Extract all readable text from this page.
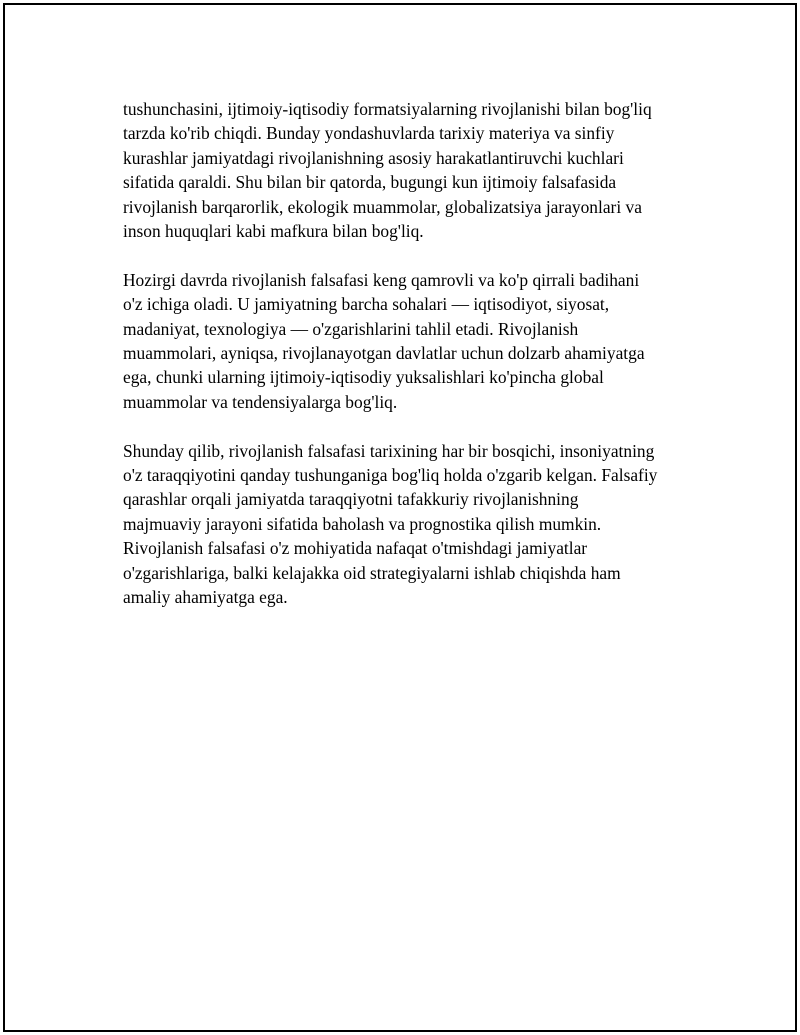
tushunchasini, ijtimoiy-iqtisodiy formatsiyalarning rivojlanishi bilan bog'liq
tarzda ko'rib chiqdi. Bunday yondashuvlarda tarixiy materiya va sinfiy
kurashlar jamiyatdagi rivojlanishning asosiy harakatlantiruvchi kuchlari
sifatida qaraldi. Shu bilan bir qatorda, bugungi kun ijtimoiy falsafasida
rivojlanish barqarorlik, ekologik muammolar, globalizatsiya jarayonlari va
inson huquqlari kabi mafkura bilan bog'liq.

Hozirgi davrda rivojlanish falsafasi keng qamrovli va ko'p qirrali badihani
o'z ichiga oladi. U jamiyatning barcha sohalari — iqtisodiyot, siyosat,
madaniyat, texnologiya — o'zgarishlarini tahlil etadi. Rivojlanish
muammolari, ayniqsa, rivojlanayotgan davlatlar uchun dolzarb ahamiyatga
ega, chunki ularning ijtimoiy-iqtisodiy yuksalishlari ko'pincha global
muammolar va tendensiyalarga bog'liq.

Shunday qilib, rivojlanish falsafasi tarixining har bir bosqichi, insoniyatning
o'z taraqqiyotini qanday tushunganiga bog'liq holda o'zgarib kelgan. Falsafiy
qarashlar orqali jamiyatda taraqqiyotni tafakkuriy rivojlanishning
majmuaviy jarayoni sifatida baholash va prognostika qilish mumkin.
Rivojlanish falsafasi o'z mohiyatida nafaqat o'tmishdagi jamiyatlar
o'zgarishlariga, balki kelajakka oid strategiyalarni ishlab chiqishda ham
amaliy ahamiyatga ega.
